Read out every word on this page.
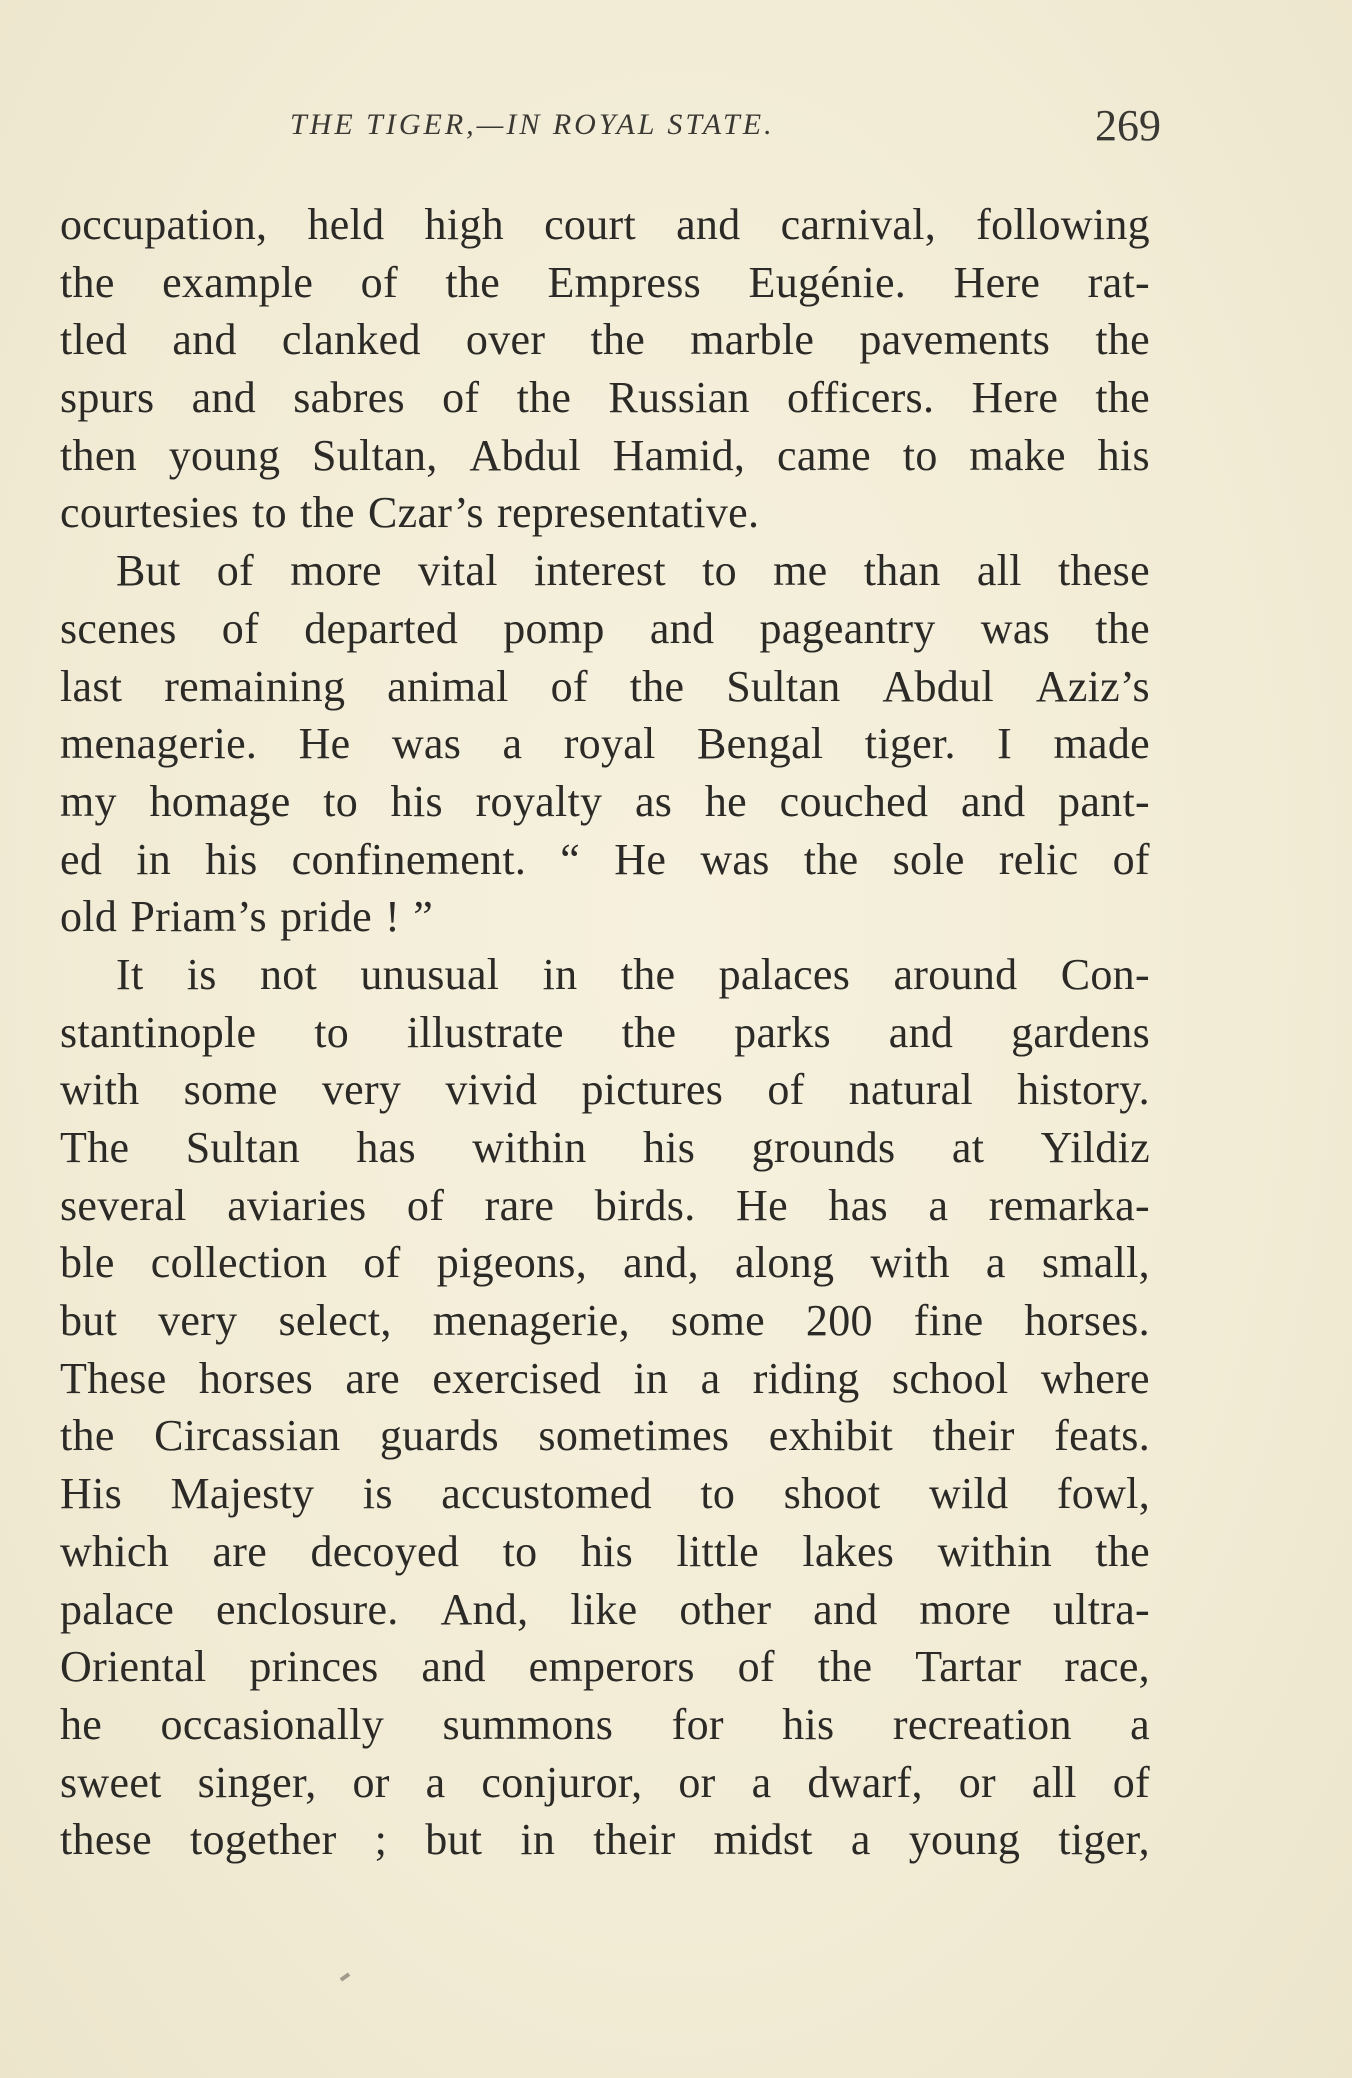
THE TIGER,—IN ROYAL STATE.	269
occupation, held high court and carnival, following
the example of the Empress Eugénie. Here rat-
tled and clanked over the marble pavements the
spurs and sabres of the Russian officers. Here the
then young Sultan, Abdul Hamid, came to make his
courtesies to the Czar’s representative.
But of more vital interest to me than all these
scenes of departed pomp and pageantry was the
last remaining animal of the Sultan Abdul Aziz’s
menagerie. He was a royal Bengal tiger. I made
my homage to his royalty as he couched and pant-
ed in his confinement. “ He was the sole relic of
old Priam’s pride ! ”
It is not unusual in the palaces around Con-
stantinople to illustrate the parks and gardens
with some very vivid pictures of natural history.
The Sultan has within his grounds at Yildiz
several aviaries of rare birds. He has a remarka-
ble collection of pigeons, and, along with a small,
but very select, menagerie, some 200 fine horses.
These horses are exercised in a riding school where
the Circassian guards sometimes exhibit their feats.
His Majesty is accustomed to shoot wild fowl,
which are decoyed to his little lakes within the
palace enclosure. And, like other and more ultra-
Oriental princes and emperors of the Tartar race,
he occasionally summons for his recreation a
sweet singer, or a conjuror, or a dwarf, or all of
these together ; but in their midst a young tiger,
